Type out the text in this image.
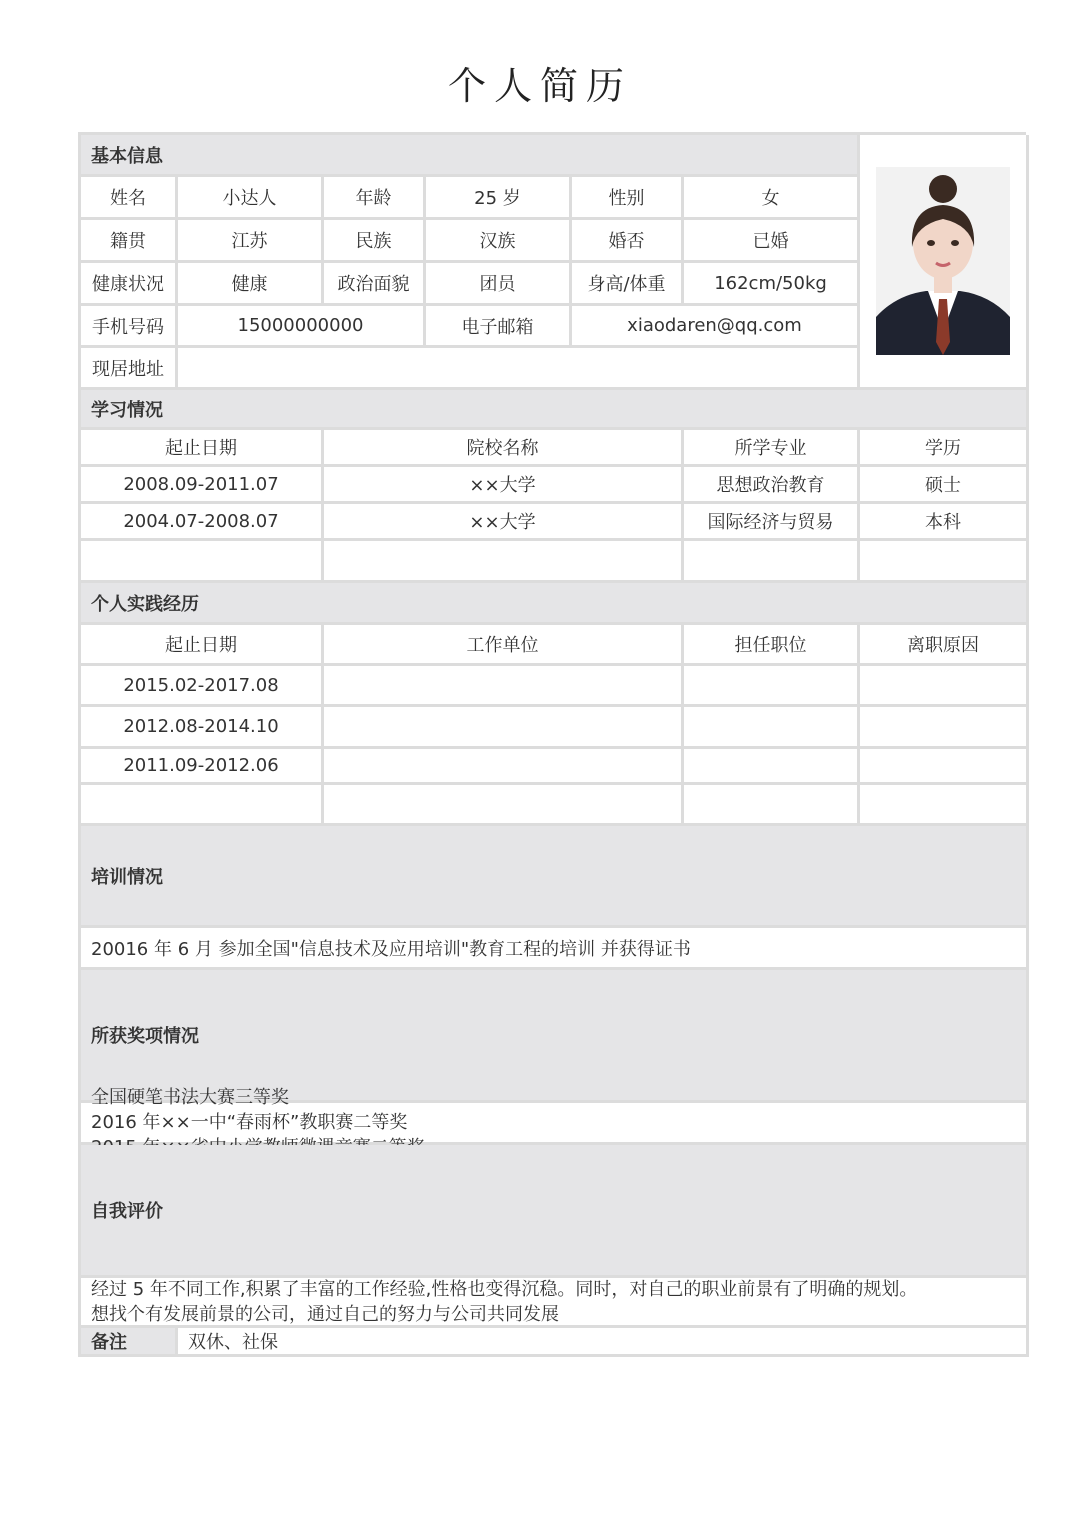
个人简历
基本信息
姓名	小达人	年龄	25 岁	性别	女
籍贯	江苏	民族	汉族	婚否	已婚
健康状况	健康	政治面貌	团员	身高/体重	162cm/50kg
手机号码	15000000000	电子邮箱	xiaodaren@qq.com
现居地址
学习情况
起止日期	院校名称	所学专业	学历
2008.09-2011.07	××大学	思想政治教育	硕士
2004.07-2008.07	××大学	国际经济与贸易	本科
个人实践经历
起止日期	工作单位	担任职位	离职原因
2015.02-2017.08
2012.08-2014.10
2011.09-2012.06
培训情况
20016 年 6 月 参加全国"信息技术及应用培训"教育工程的培训 并获得证书
所获奖项情况
全国硬笔书法大赛三等奖
2016 年××一中“春雨杯”教职赛二等奖
自我评价
经过 5 年不同工作,积累了丰富的工作经验,性格也变得沉稳。同时，对自己的职业前景有了明确的规划。
想找个有发展前景的公司，通过自己的努力与公司共同发展
备注	双休、社保
